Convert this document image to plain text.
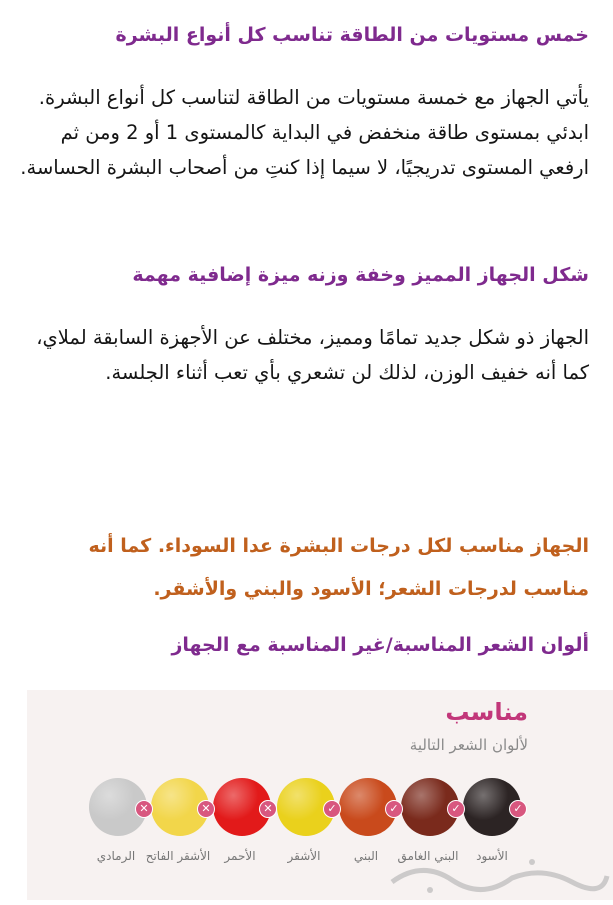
خمس مستويات من الطاقة تناسب كل أنواع البشرة

يأتي الجهاز مع خمسة مستويات من الطاقة لتناسب كل أنواع البشرة. ابدئي بمستوى طاقة منخفض في البداية كالمستوى 1 أو 2 ومن ثم ارفعي المستوى تدريجيًا، لا سيما إذا كنتِ من أصحاب البشرة الحساسة.

شكل الجهاز المميز وخفة وزنه ميزة إضافية مهمة

الجهاز ذو شكل جديد تمامًا ومميز، مختلف عن الأجهزة السابقة لملاي، كما أنه خفيف الوزن، لذلك لن تشعري بأي تعب أثناء الجلسة.

الجهاز مناسب لكل درجات البشرة عدا السوداء. كما أنه مناسب لدرجات الشعر؛ الأسود والبني والأشقر.

ألوان الشعر المناسبة/غير المناسبة مع الجهاز
مناسب

لألوان الشعر التالية

✓
الأسود
✓
البني الغامق
✓
البني
✓
الأشقر
✕
الأحمر
✕
الأشقر الفاتح
✕
الرمادي
